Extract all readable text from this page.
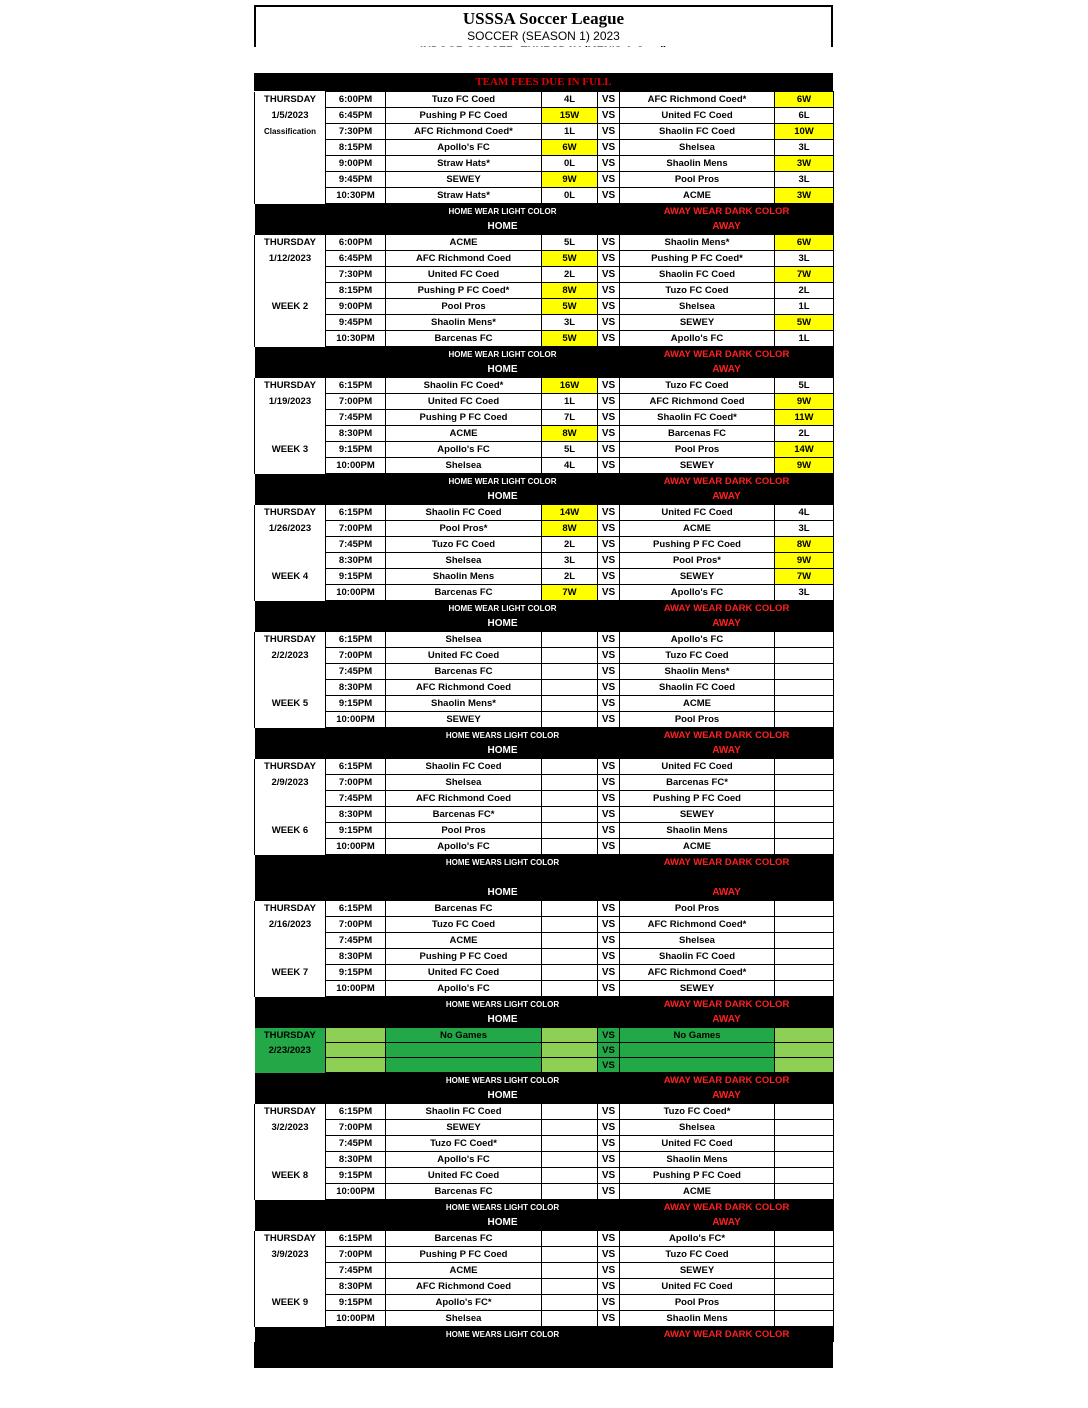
USSSA Soccer League
SOCCER (SEASON 1) 2023
TEAM FEES DUE IN FULL
THURSDAY	6:00PM	Tuzo FC Coed	4L	VS	AFC Richmond Coed*	6W
1/5/2023	6:45PM	Pushing P FC Coed	15W	VS	United FC Coed	6L
Classification	7:30PM	AFC Richmond Coed*	1L	VS	Shaolin FC Coed	10W
	8:15PM	Apollo's FC	6W	VS	Shelsea	3L
	9:00PM	Straw Hats*	0L	VS	Shaolin Mens	3W
	9:45PM	SEWEY	9W	VS	Pool Pros	3L
	10:30PM	Straw Hats*	0L	VS	ACME	3W
		HOME WEAR LIGHT COLOR			AWAY WEAR DARK COLOR	
		HOME			AWAY	
THURSDAY	6:00PM	ACME	5L	VS	Shaolin Mens*	6W
1/12/2023	6:45PM	AFC Richmond Coed	5W	VS	Pushing P FC Coed*	3L
	7:30PM	United FC Coed	2L	VS	Shaolin FC Coed	7W
	8:15PM	Pushing P FC Coed*	8W	VS	Tuzo FC Coed	2L
WEEK 2	9:00PM	Pool Pros	5W	VS	Shelsea	1L
	9:45PM	Shaolin Mens*	3L	VS	SEWEY	5W
	10:30PM	Barcenas FC	5W	VS	Apollo's FC	1L
		HOME WEAR LIGHT COLOR			AWAY WEAR DARK COLOR	
		HOME			AWAY	
THURSDAY	6:15PM	Shaolin FC Coed*	16W	VS	Tuzo FC Coed	5L
1/19/2023	7:00PM	United FC Coed	1L	VS	AFC Richmond Coed	9W
	7:45PM	Pushing P FC Coed	7L	VS	Shaolin FC Coed*	11W
	8:30PM	ACME	8W	VS	Barcenas FC	2L
WEEK 3	9:15PM	Apollo's FC	5L	VS	Pool Pros	14W
	10:00PM	Shelsea	4L	VS	SEWEY	9W
		HOME WEAR LIGHT COLOR			AWAY WEAR DARK COLOR	
		HOME			AWAY	
THURSDAY	6:15PM	Shaolin FC Coed	14W	VS	United FC Coed	4L
1/26/2023	7:00PM	Pool Pros*	8W	VS	ACME	3L
	7:45PM	Tuzo FC Coed	2L	VS	Pushing P FC Coed	8W
	8:30PM	Shelsea	3L	VS	Pool Pros*	9W
WEEK 4	9:15PM	Shaolin Mens	2L	VS	SEWEY	7W
	10:00PM	Barcenas FC	7W	VS	Apollo's FC	3L
		HOME WEAR LIGHT COLOR			AWAY WEAR DARK COLOR	
		HOME			AWAY	
THURSDAY	6:15PM	Shelsea		VS	Apollo's FC	
2/2/2023	7:00PM	United FC Coed		VS	Tuzo FC Coed	
	7:45PM	Barcenas FC		VS	Shaolin Mens*	
	8:30PM	AFC Richmond Coed		VS	Shaolin FC Coed	
WEEK 5	9:15PM	Shaolin Mens*		VS	ACME	
	10:00PM	SEWEY		VS	Pool Pros	
		HOME WEARS LIGHT COLOR			AWAY WEAR DARK COLOR	
		HOME			AWAY	
THURSDAY	6:15PM	Shaolin FC Coed		VS	United FC Coed	
2/9/2023	7:00PM	Shelsea		VS	Barcenas FC*	
	7:45PM	AFC Richmond Coed		VS	Pushing P FC Coed	
	8:30PM	Barcenas FC*		VS	SEWEY	
WEEK 6	9:15PM	Pool Pros		VS	Shaolin Mens	
	10:00PM	Apollo's FC		VS	ACME	
		HOME WEARS LIGHT COLOR			AWAY WEAR DARK COLOR	

		HOME			AWAY	
THURSDAY	6:15PM	Barcenas FC		VS	Pool Pros	
2/16/2023	7:00PM	Tuzo FC Coed		VS	AFC Richmond Coed*	
	7:45PM	ACME		VS	Shelsea	
	8:30PM	Pushing P FC Coed		VS	Shaolin FC Coed	
WEEK 7	9:15PM	United FC Coed		VS	AFC Richmond Coed*	
	10:00PM	Apollo's FC		VS	SEWEY	
		HOME WEARS LIGHT COLOR			AWAY WEAR DARK COLOR	
		HOME			AWAY	
THURSDAY		No Games		VS	No Games	
2/23/2023				VS		
				VS		
		HOME WEARS LIGHT COLOR			AWAY WEAR DARK COLOR	
		HOME			AWAY	
THURSDAY	6:15PM	Shaolin FC Coed		VS	Tuzo FC Coed*	
3/2/2023	7:00PM	SEWEY		VS	Shelsea	
	7:45PM	Tuzo FC Coed*		VS	United FC Coed	
	8:30PM	Apollo's FC		VS	Shaolin Mens	
WEEK 8	9:15PM	United FC Coed		VS	Pushing P FC Coed	
	10:00PM	Barcenas FC		VS	ACME	
		HOME WEARS LIGHT COLOR			AWAY WEAR DARK COLOR	
		HOME			AWAY	
THURSDAY	6:15PM	Barcenas FC		VS	Apollo's FC*	
3/9/2023	7:00PM	Pushing P FC Coed		VS	Tuzo FC Coed	
	7:45PM	ACME		VS	SEWEY	
	8:30PM	AFC Richmond Coed		VS	United FC Coed	
WEEK 9	9:15PM	Apollo's FC*		VS	Pool Pros	
	10:00PM	Shelsea		VS	Shaolin Mens	
		HOME WEARS LIGHT COLOR			AWAY WEAR DARK COLOR	
